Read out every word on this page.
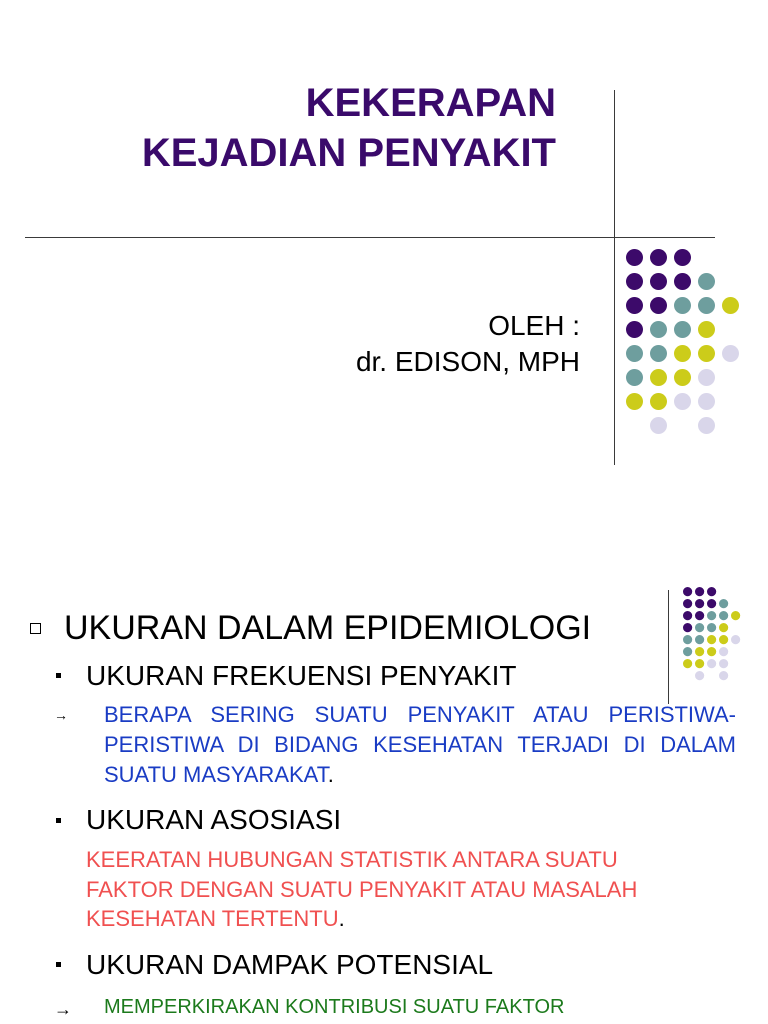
KEKERAPAN
KEJADIAN PENYAKIT
OLEH :
dr. EDISON, MPH
UKURAN DALAM EPIDEMIOLOGI
UKURAN FREKUENSI PENYAKIT
→	BERAPA SERING SUATU PENYAKIT ATAU PERISTIWA-PERISTIWA DI BIDANG KESEHATAN TERJADI DI DALAM SUATU MASYARAKAT.
UKURAN ASOSIASI
KEERATAN HUBUNGAN STATISTIK ANTARA SUATU FAKTOR DENGAN SUATU PENYAKIT ATAU MASALAH KESEHATAN TERTENTU.
UKURAN DAMPAK POTENSIAL
→	MEMPERKIRAKAN KONTRIBUSI SUATU FAKTOR
